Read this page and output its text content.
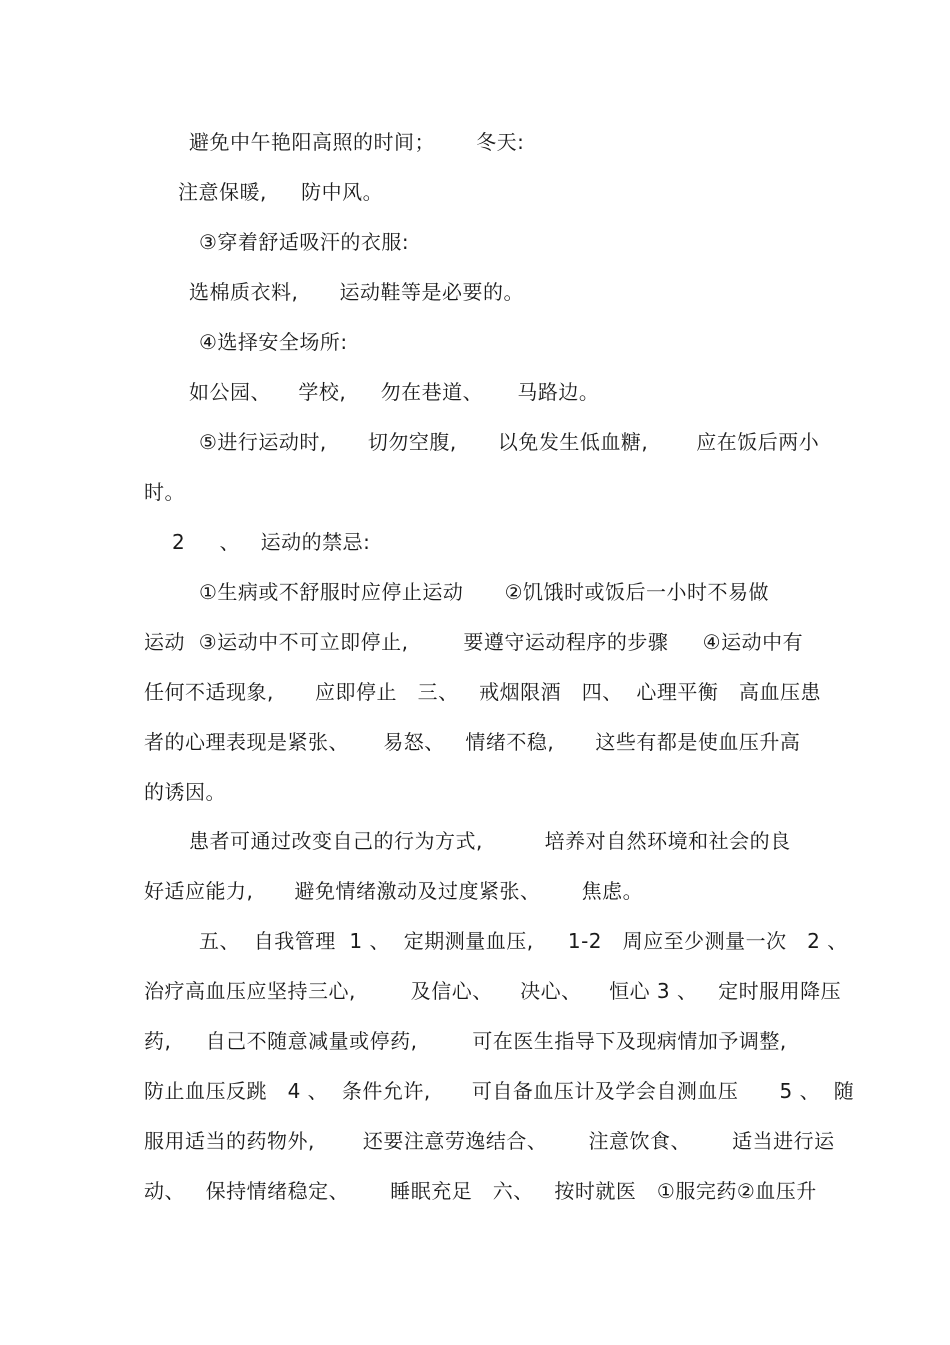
避免中午艳阳高照的时间；      冬天:
注意保暖,     防中风。
③穿着舒适吸汗的衣服:
选棉质衣料,      运动鞋等是必要的。
④选择安全场所:
如公园、    学校,     勿在巷道、     马路边。
⑤进行运动时,      切勿空腹,      以免发生低血糖,       应在饭后两小
时。
2     、   运动的禁忌:
①生病或不舒服时应停止运动      ②饥饿时或饭后一小时不易做
运动  ③运动中不可立即停止,        要遵守运动程序的步骤     ④运动中有
任何不适现象,      应即停止   三、   戒烟限酒   四、  心理平衡   高血压患
者的心理表现是紧张、     易怒、   情绪不稳,      这些有都是使血压升高
的诱因。
患者可通过改变自己的行为方式,         培养对自然环境和社会的良
好适应能力,      避免情绪激动及过度紧张、      焦虑。
五、  自我管理  1 、  定期测量血压,     1-2   周应至少测量一次   2 、
治疗高血压应坚持三心,        及信心、    决心、    恒心 3 、   定时服用降压
药,     自己不随意减量或停药,        可在医生指导下及现病情加予调整,
防止血压反跳   4 、  条件允许,      可自备血压计及学会自测血压      5 、  随
服用适当的药物外,       还要注意劳逸结合、      注意饮食、      适当进行运
动、   保持情绪稳定、      睡眠充足   六、   按时就医   ①服完药②血压升
